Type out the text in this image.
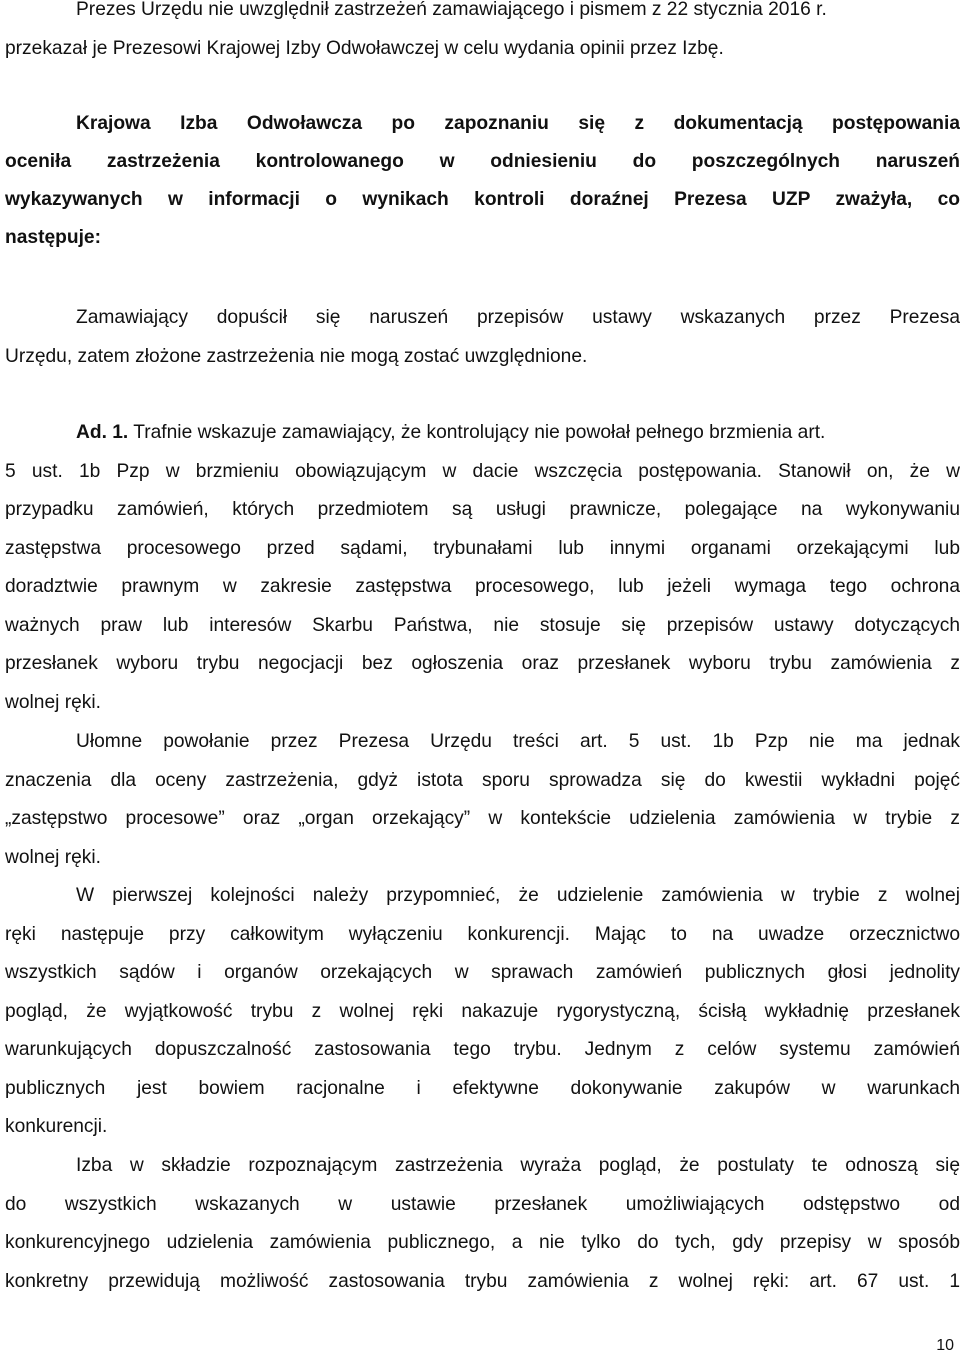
Prezes Urzędu nie uwzględnił zastrzeżeń zamawiającego i pismem z 22 stycznia 2016 r.
przekazał je Prezesowi Krajowej Izby Odwoławczej w celu wydania opinii przez Izbę.
Krajowa Izba Odwoławcza po zapoznaniu się z dokumentacją postępowania
oceniła zastrzeżenia kontrolowanego w odniesieniu do poszczególnych naruszeń
wykazywanych w informacji o wynikach kontroli doraźnej Prezesa UZP zważyła, co
następuje:
Zamawiający dopuścił się naruszeń przepisów ustawy wskazanych przez Prezesa
Urzędu, zatem złożone zastrzeżenia nie mogą zostać uwzględnione.
Ad. 1. Trafnie wskazuje zamawiający, że kontrolujący nie powołał pełnego brzmienia art.
5 ust. 1b Pzp w brzmieniu obowiązującym w dacie wszczęcia postępowania. Stanowił on, że w
przypadku zamówień, których przedmiotem są usługi prawnicze, polegające na wykonywaniu
zastępstwa procesowego przed sądami, trybunałami lub innymi organami orzekającymi lub
doradztwie prawnym w zakresie zastępstwa procesowego, lub jeżeli wymaga tego ochrona
ważnych praw lub interesów Skarbu Państwa, nie stosuje się przepisów ustawy dotyczących
przesłanek wyboru trybu negocjacji bez ogłoszenia oraz przesłanek wyboru trybu zamówienia z
wolnej ręki.
Ułomne powołanie przez Prezesa Urzędu treści art. 5 ust. 1b Pzp nie ma jednak
znaczenia dla oceny zastrzeżenia, gdyż istota sporu sprowadza się do kwestii wykładni pojęć
„zastępstwo procesowe” oraz „organ orzekający” w kontekście udzielenia zamówienia w trybie z
wolnej ręki.
W pierwszej kolejności należy przypomnieć, że udzielenie zamówienia w trybie z wolnej
ręki następuje przy całkowitym wyłączeniu konkurencji. Mając to na uwadze orzecznictwo
wszystkich sądów i organów orzekających w sprawach zamówień publicznych głosi jednolity
pogląd, że wyjątkowość trybu z wolnej ręki nakazuje rygorystyczną, ścisłą wykładnię przesłanek
warunkujących dopuszczalność zastosowania tego trybu. Jednym z celów systemu zamówień
publicznych jest bowiem racjonalne i efektywne dokonywanie zakupów w warunkach
konkurencji.
Izba w składzie rozpoznającym zastrzeżenia wyraża pogląd, że postulaty te odnoszą się
do wszystkich wskazanych w ustawie przesłanek umożliwiających odstępstwo od
konkurencyjnego udzielenia zamówienia publicznego, a nie tylko do tych, gdy przepisy w sposób
konkretny przewidują możliwość zastosowania trybu zamówienia z wolnej ręki: art. 67 ust. 1
10
